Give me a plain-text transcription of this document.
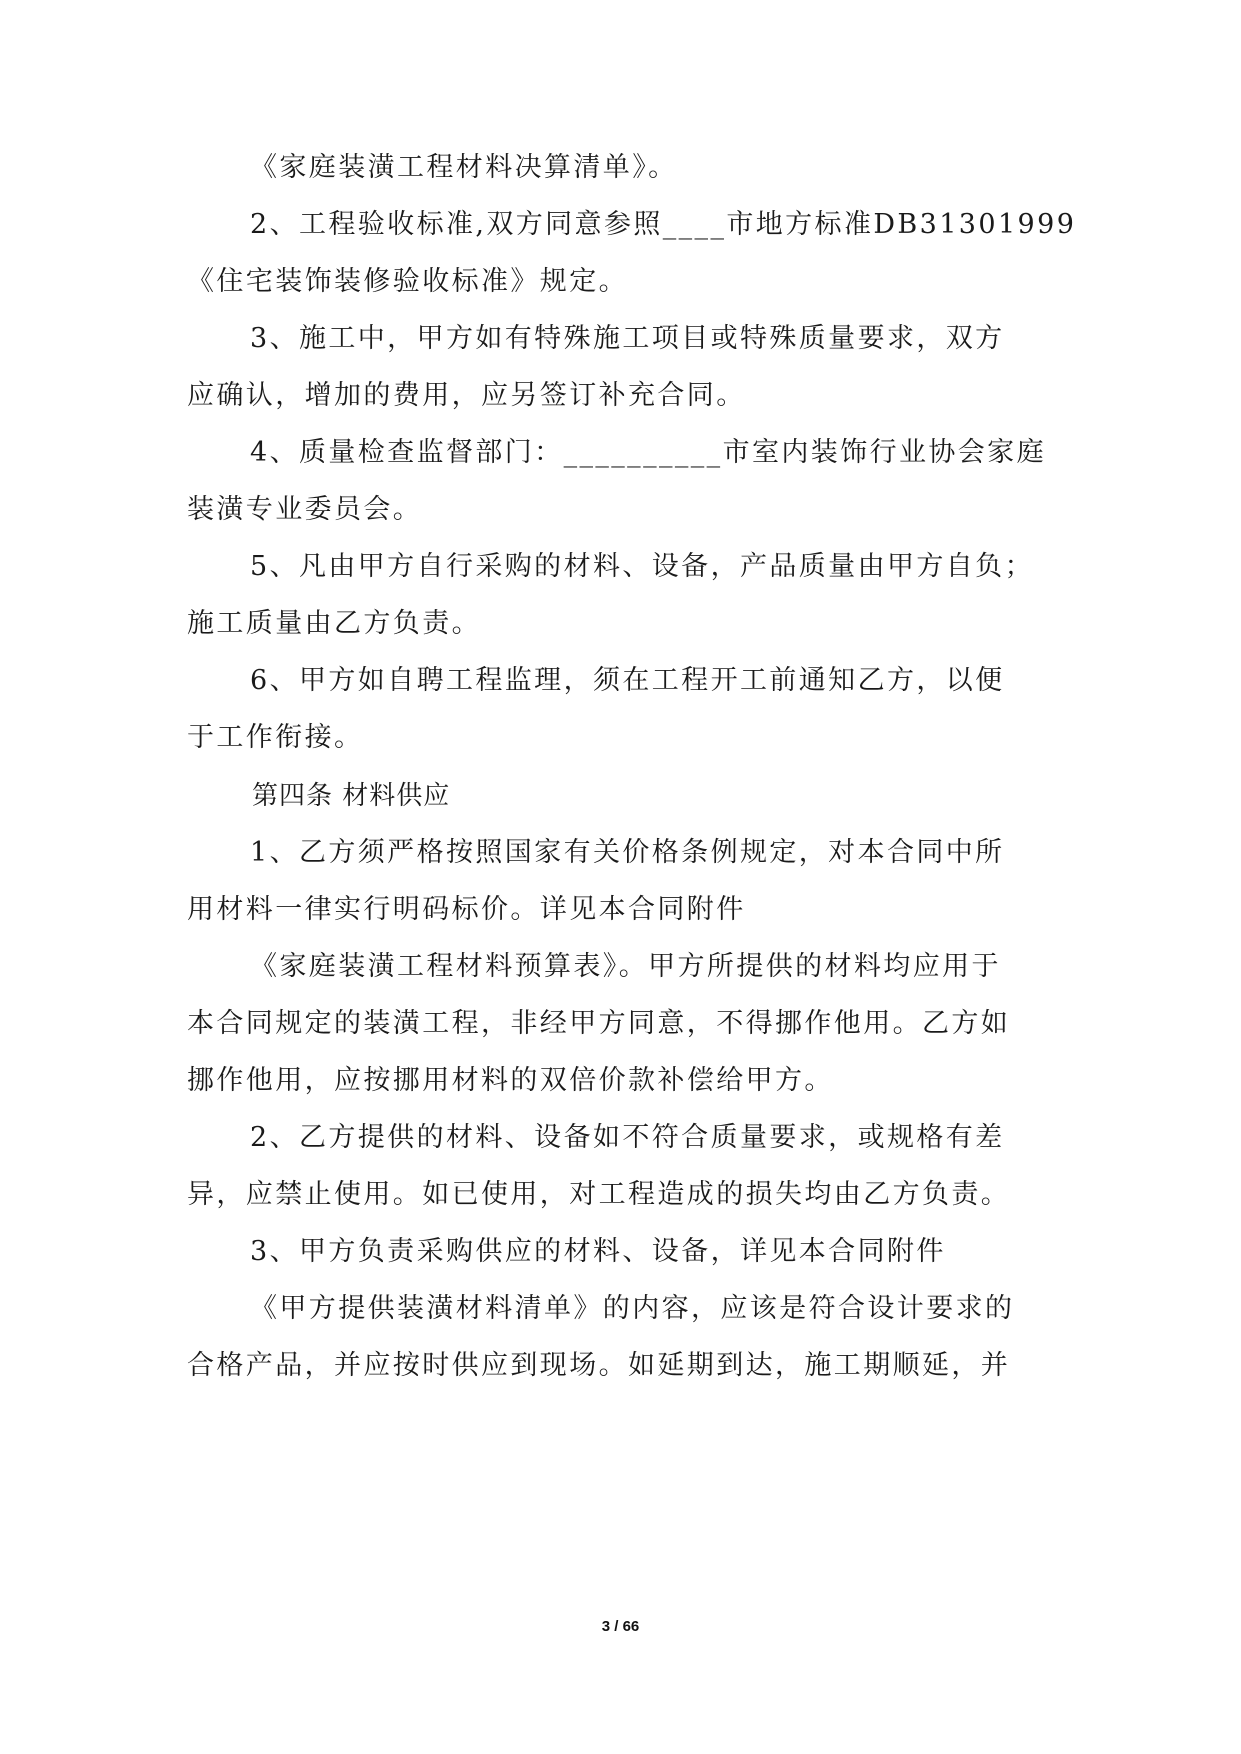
《家庭装潢工程材料决算清单》。
2、工程验收标准,双方同意参照____市地方标准DB31301999
《住宅装饰装修验收标准》规定。
3、施工中，甲方如有特殊施工项目或特殊质量要求，双方
应确认，增加的费用，应另签订补充合同。
4、质量检查监督部门：__________市室内装饰行业协会家庭
装潢专业委员会。
5、凡由甲方自行采购的材料、设备，产品质量由甲方自负；
施工质量由乙方负责。
6、甲方如自聘工程监理，须在工程开工前通知乙方，以便
于工作衔接。
第四条 材料供应
1、乙方须严格按照国家有关价格条例规定，对本合同中所
用材料一律实行明码标价。详见本合同附件
《家庭装潢工程材料预算表》。甲方所提供的材料均应用于
本合同规定的装潢工程，非经甲方同意，不得挪作他用。乙方如
挪作他用，应按挪用材料的双倍价款补偿给甲方。
2、乙方提供的材料、设备如不符合质量要求，或规格有差
异，应禁止使用。如已使用，对工程造成的损失均由乙方负责。
3、甲方负责采购供应的材料、设备，详见本合同附件
《甲方提供装潢材料清单》的内容，应该是符合设计要求的
合格产品，并应按时供应到现场。如延期到达，施工期顺延，并
3 / 66
